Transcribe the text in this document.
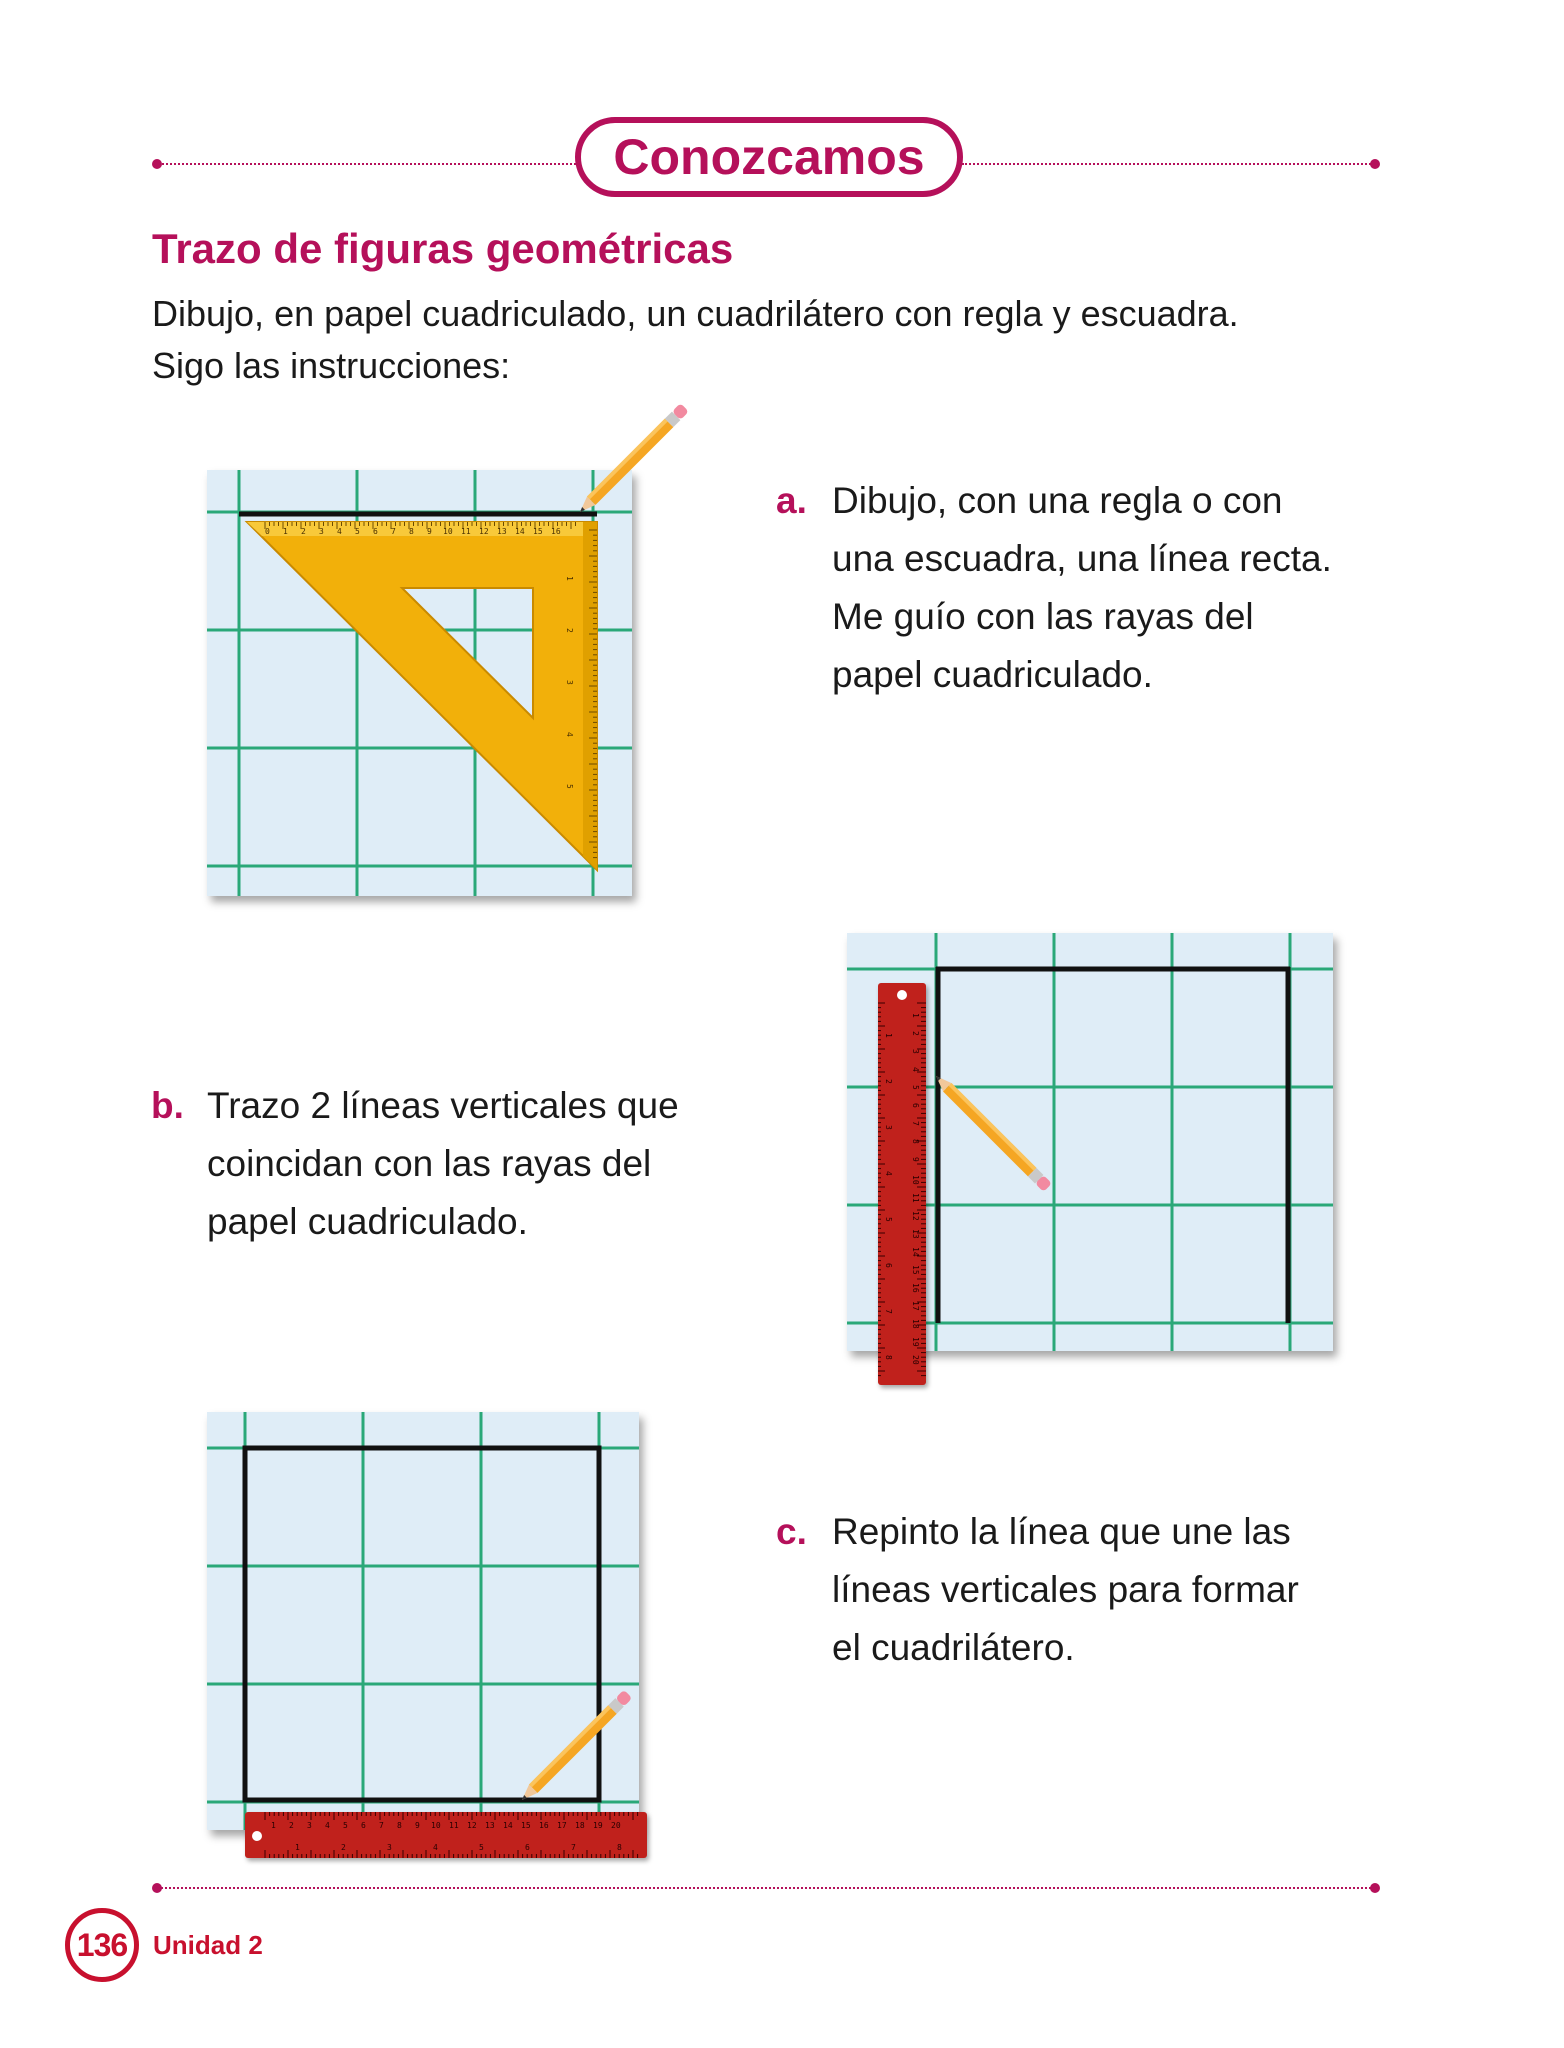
Conozcamos
Trazo de figuras geométricas
Dibujo, en papel cuadriculado, un cuadrilátero con regla y escuadra.
Sigo las instrucciones:
0 1 2 3 4 5 6 7 8 9 10 11 12 13 14 15 16
1
2
3
4
5
a. Dibujo, con una regla o con
una escuadra, una línea recta.
Me guío con las rayas del
papel cuadriculado.
1
2
3
4
5
6
7
8
9
10
11
12
13
14
15
16
17
18
19
20
1
2
3
4
5
6
7
8
b. Trazo 2 líneas verticales que
coincidan con las rayas del
papel cuadriculado.
1 2 3 4 5 6 7 8 9 10 11 12 13 14 15 16 17 18 19 20
1	2	3	4	5	6	7	8
c. Repinto la línea que une las
líneas verticales para formar
el cuadrilátero.
136 Unidad 2
